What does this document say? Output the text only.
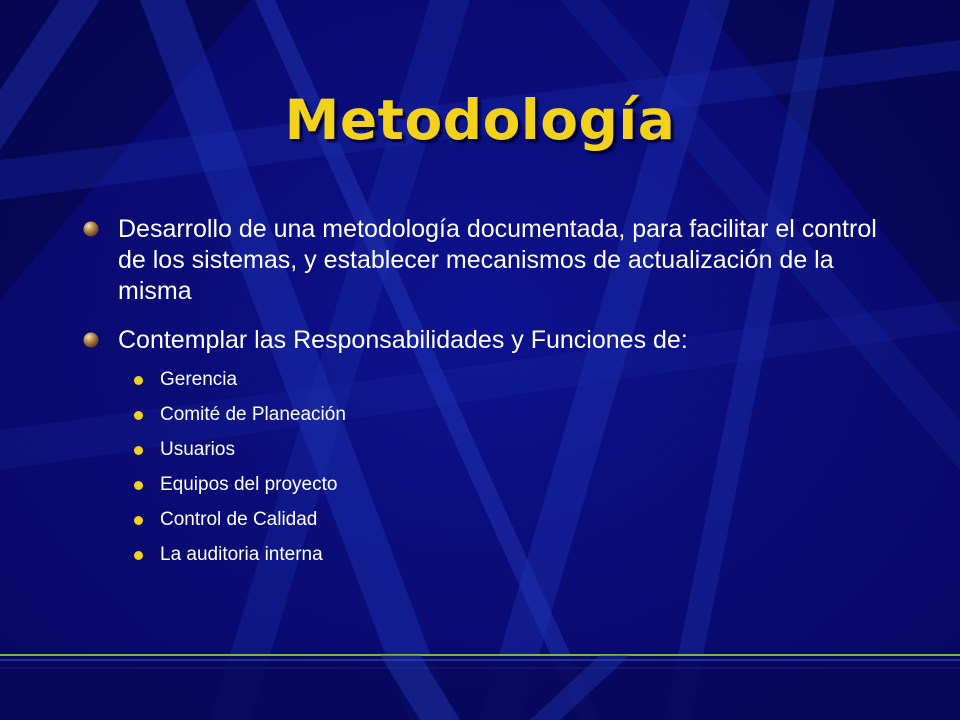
Metodología
Desarrollo de una metodología documentada, para facilitar el control de los sistemas, y establecer mecanismos de actualización de la misma
Contemplar las Responsabilidades y Funciones de:
Gerencia
Comité de Planeación
Usuarios
Equipos del proyecto
Control de Calidad
La auditoria interna
